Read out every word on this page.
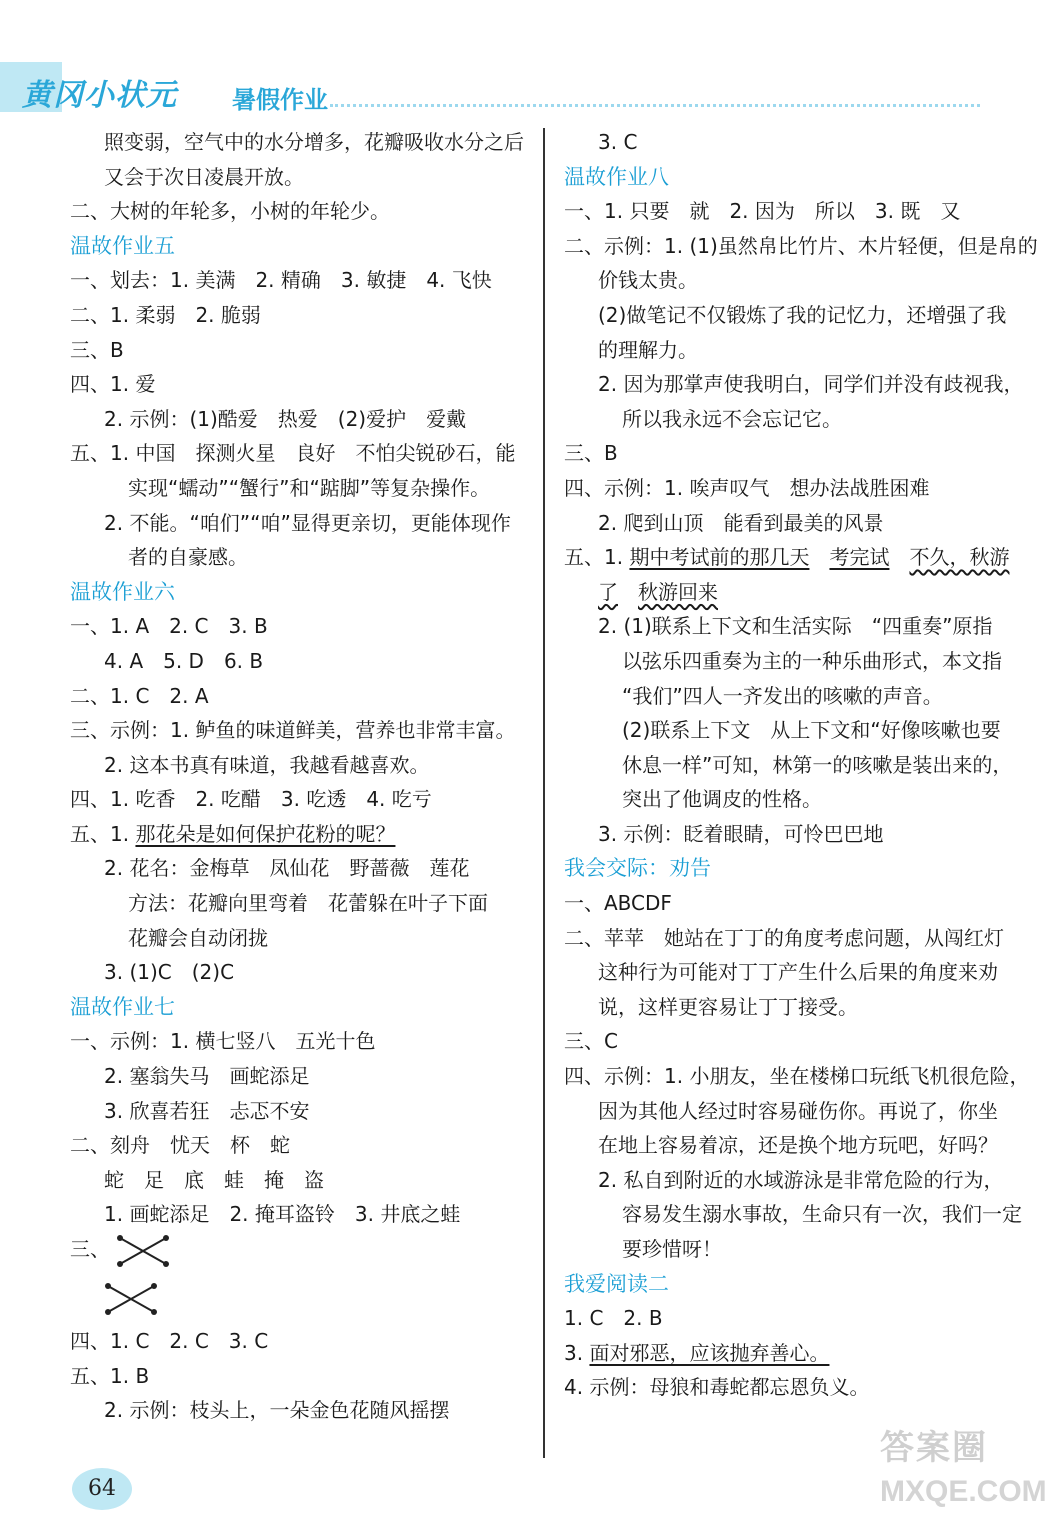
黄冈小状元 暑假作业
照变弱，空气中的水分增多，花瓣吸收水分之后
又会于次日凌晨开放。
二、大树的年轮多，小树的年轮少。
温故作业五
一、划去：1. 美满　2. 精确　3. 敏捷　4. 飞快
二、1. 柔弱　2. 脆弱
三、B
四、1. 爱
2. 示例：(1)酷爱　热爱　(2)爱护　爱戴
五、1. 中国　探测火星　良好　不怕尖锐砂石，能
实现“蠕动”“蟹行”和“踮脚”等复杂操作。
2. 不能。“咱们”“咱”显得更亲切，更能体现作
者的自豪感。
温故作业六
一、1. A　2. C　3. B
4. A　5. D　6. B
二、1. C　2. A
三、示例：1. 鲈鱼的味道鲜美，营养也非常丰富。
2. 这本书真有味道，我越看越喜欢。
四、1. 吃香　2. 吃醋　3. 吃透　4. 吃亏
五、1. 那花朵是如何保护花粉的呢？
2. 花名：金梅草　凤仙花　野蔷薇　莲花
方法：花瓣向里弯着　花蕾躲在叶子下面
花瓣会自动闭拢
3. (1)C　(2)C
温故作业七
一、示例：1. 横七竖八　五光十色
2. 塞翁失马　画蛇添足
3. 欣喜若狂　忐忑不安
二、刻舟　忧天　杯　蛇
蛇　足　底　蛙　掩　盗
1. 画蛇添足　2. 掩耳盗铃　3. 井底之蛙
三、
四、1. C　2. C　3. C
五、1. B
2. 示例：枝头上，一朵金色花随风摇摆
3. C
温故作业八
一、1. 只要　就　2. 因为　所以　3. 既　又
二、示例：1. (1)虽然帛比竹片、木片轻便，但是帛的
价钱太贵。
(2)做笔记不仅锻炼了我的记忆力，还增强了我
的理解力。
2. 因为那掌声使我明白，同学们并没有歧视我，
所以我永远不会忘记它。
三、B
四、示例：1. 唉声叹气　想办法战胜困难
2. 爬到山顶　能看到最美的风景
五、1. 期中考试前的那几天　 考完试　 不久，秋游
了　 秋游回来
2. (1)联系上下文和生活实际　“四重奏”原指
以弦乐四重奏为主的一种乐曲形式，本文指
“我们”四人一齐发出的咳嗽的声音。
(2)联系上下文　从上下文和“好像咳嗽也要
休息一样”可知，林第一的咳嗽是装出来的，
突出了他调皮的性格。
3. 示例：眨着眼睛，可怜巴巴地
我会交际：劝告
一、ABCDF
二、苹苹　她站在丁丁的角度考虑问题，从闯红灯
这种行为可能对丁丁产生什么后果的角度来劝
说，这样更容易让丁丁接受。
三、C
四、示例：1. 小朋友，坐在楼梯口玩纸飞机很危险，
因为其他人经过时容易碰伤你。再说了，你坐
在地上容易着凉，还是换个地方玩吧，好吗？
2. 私自到附近的水域游泳是非常危险的行为，
容易发生溺水事故，生命只有一次，我们一定
要珍惜呀！
我爱阅读二
1. C　2. B
3. 面对邪恶，应该抛弃善心。
4. 示例：母狼和毒蛇都忘恩负义。
64
答案圈
MXQE.COM
